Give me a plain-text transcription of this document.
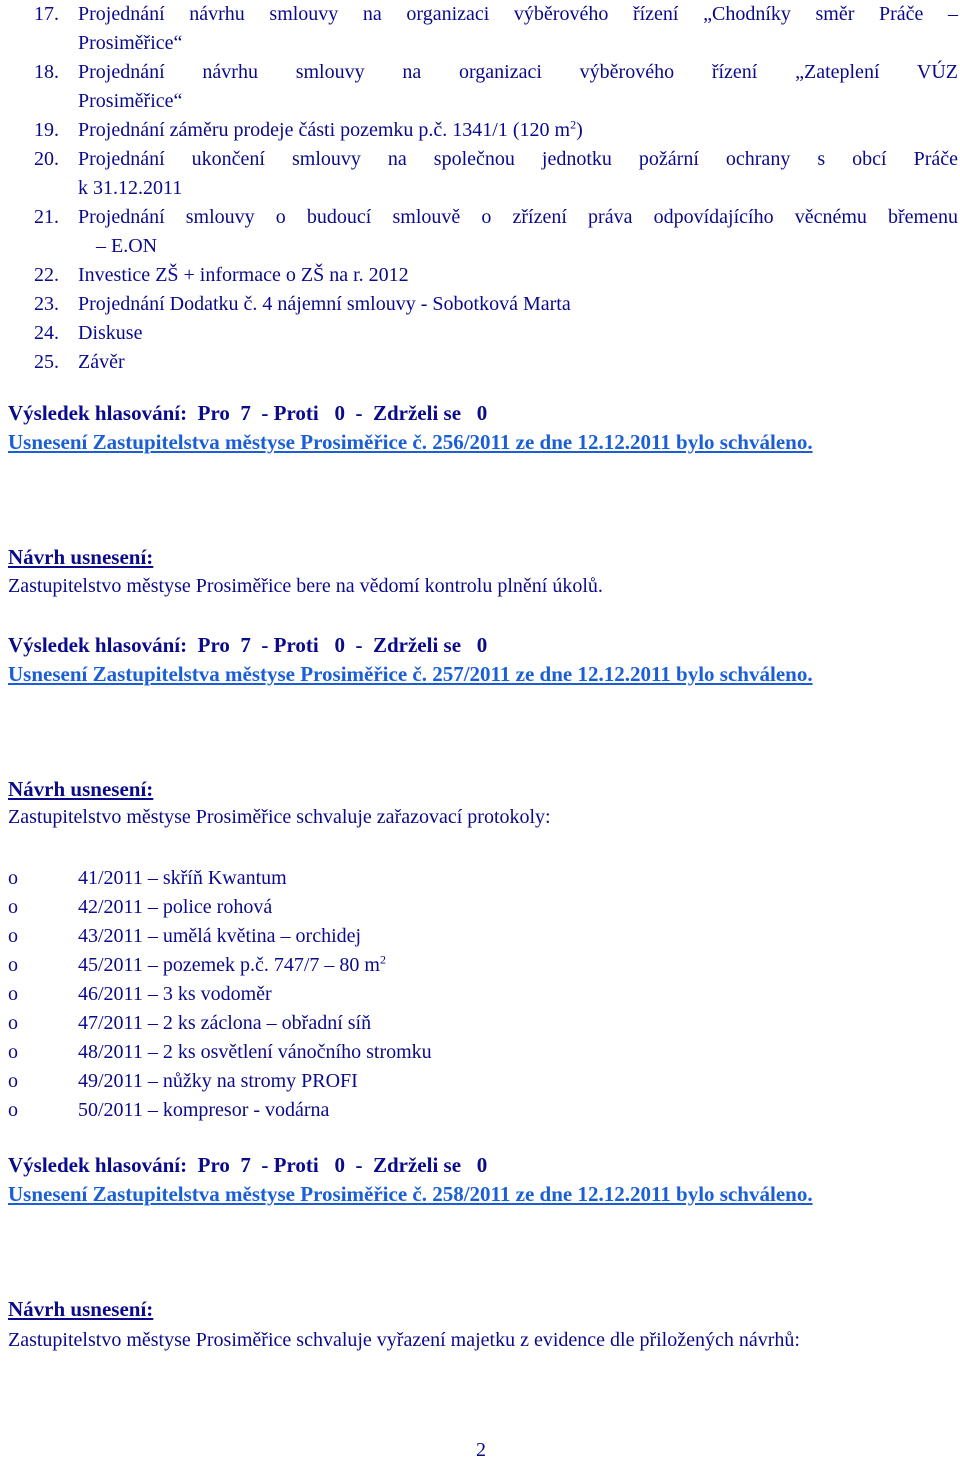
17. Projednání návrhu smlouvy na organizaci výběrového řízení „Chodníky směr Práče –
Prosiměřice“
18. Projednání návrhu smlouvy na organizaci výběrového řízení „Zateplení VÚZ
Prosiměřice“
19. Projednání záměru prodeje části pozemku p.č. 1341/1 (120 $m^2$)
20. Projednání ukončení smlouvy na společnou jednotku požární ochrany s obcí Práče
k 31.12.2011
21. Projednání smlouvy o budoucí smlouvě o zřízení práva odpovídajícího věcnému břemenu
– E.ON
22. Investice ZŠ + informace o ZŠ na r. 2012
23. Projednání Dodatku č. 4 nájemní smlouvy - Sobotková Marta
24. Diskuse
25. Závěr
Výsledek hlasování:  Pro  7  - Proti   0  -  Zdrželi se   0
Usnesení Zastupitelstva městyse Prosiměřice č. 256/2011 ze dne 12.12.2011 bylo schváleno.
Návrh usnesení:
Zastupitelstvo městyse Prosiměřice bere na vědomí kontrolu plnění úkolů.
Výsledek hlasování:  Pro  7  - Proti   0  -  Zdrželi se   0
Usnesení Zastupitelstva městyse Prosiměřice č. 257/2011 ze dne 12.12.2011 bylo schváleno.
Návrh usnesení:
Zastupitelstvo městyse Prosiměřice schvaluje zařazovací protokoly:
o	41/2011 – skříň Kwantum
o	42/2011 – police rohová
o	43/2011 – umělá květina – orchidej
o	45/2011 – pozemek p.č. 747/7 – 80 $m^2$
o	46/2011 – 3 ks vodoměr
o	47/2011 – 2 ks záclona – obřadní síň
o	48/2011 – 2 ks osvětlení vánočního stromku
o	49/2011 – nůžky na stromy PROFI
o	50/2011 – kompresor - vodárna
Výsledek hlasování:  Pro  7  - Proti   0  -  Zdrželi se   0
Usnesení Zastupitelstva městyse Prosiměřice č. 258/2011 ze dne 12.12.2011 bylo schváleno.
Návrh usnesení:
Zastupitelstvo městyse Prosiměřice schvaluje vyřazení majetku z evidence dle přiložených návrhů:
2
